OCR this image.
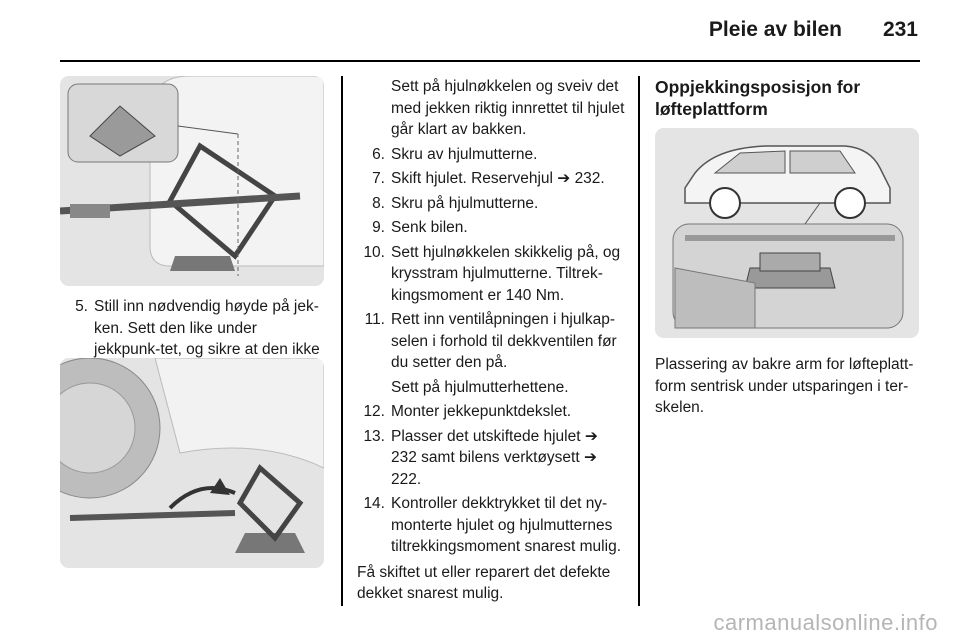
Pleie av bilen 231
5. Still inn nødvendig høyde på jek-ken. Sett den like under jekkpunk-tet, og sikre at den ikke
Sett på hjulnøkkelen og sveiv det med jekken riktig innrettet til hjulet går klart av bakken.
6. Skru av hjulmutterne.
7. Skift hjulet. Reservehjul ➔ 232.
8. Skru på hjulmutterne.
9. Senk bilen.
10. Sett hjulnøkkelen skikkelig på, og krysstram hjulmutterne. Tiltrek-kingsmoment er 140 Nm.
11. Rett inn ventilåpningen i hjulkap-selen i forhold til dekkventilen før du setter den på.
Sett på hjulmutterhettene.
12. Monter jekkepunktdekslet.
13. Plasser det utskiftede hjulet ➔ 232 samt bilens verktøysett ➔ 222.
14. Kontroller dekktrykket til det ny-monterte hjulet og hjulmutternes tiltrekkingsmoment snarest mulig.
Få skiftet ut eller reparert det defekte dekket snarest mulig.
Oppjekkingsposisjon for løfteplattform
Plassering av bakre arm for løfteplatt-form sentrisk under utsparingen i ter-skelen.
carmanualsonline.info
